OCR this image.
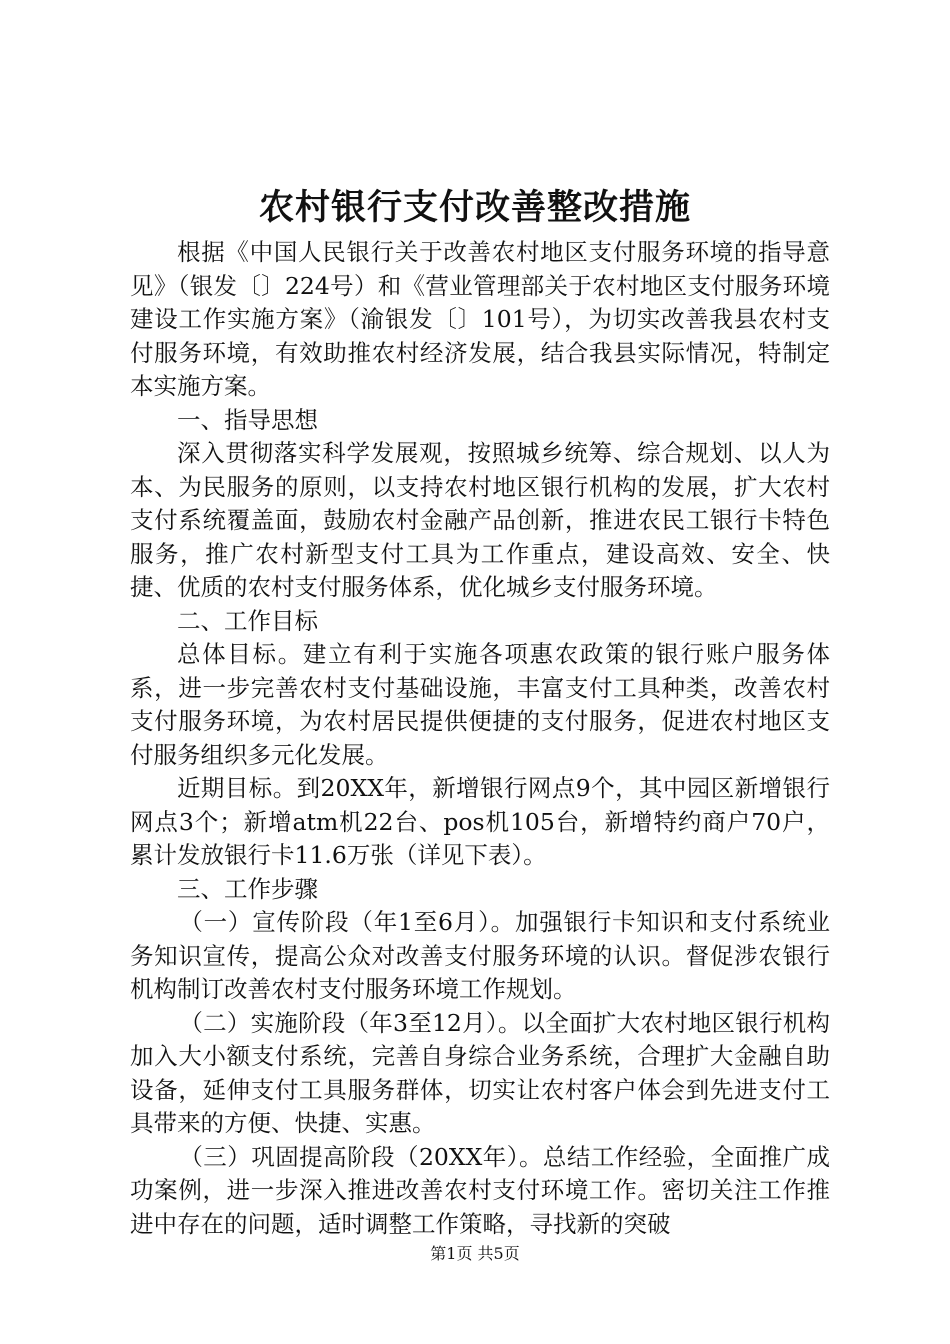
农村银行支付改善整改措施

根据《中国人民银行关于改善农村地区支付服务环境的指导意见》（银发〔〕224号）和《营业管理部关于农村地区支付服务环境建设工作实施方案》（渝银发〔〕101号），为切实改善我县农村支付服务环境，有效助推农村经济发展，结合我县实际情况，特制定本实施方案。

一、指导思想

深入贯彻落实科学发展观，按照城乡统筹、综合规划、以人为本、为民服务的原则，以支持农村地区银行机构的发展，扩大农村支付系统覆盖面，鼓励农村金融产品创新，推进农民工银行卡特色服务，推广农村新型支付工具为工作重点，建设高效、安全、快捷、优质的农村支付服务体系，优化城乡支付服务环境。

二、工作目标

总体目标。建立有利于实施各项惠农政策的银行账户服务体系，进一步完善农村支付基础设施，丰富支付工具种类，改善农村支付服务环境，为农村居民提供便捷的支付服务，促进农村地区支付服务组织多元化发展。

近期目标。到20XX年，新增银行网点9个，其中园区新增银行网点3个；新增atm机22台、pos机105台，新增特约商户70户，累计发放银行卡11.6万张（详见下表）。

三、工作步骤

（一）宣传阶段（年1至6月）。加强银行卡知识和支付系统业务知识宣传，提高公众对改善支付服务环境的认识。督促涉农银行机构制订改善农村支付服务环境工作规划。

（二）实施阶段（年3至12月）。以全面扩大农村地区银行机构加入大小额支付系统，完善自身综合业务系统，合理扩大金融自助设备，延伸支付工具服务群体，切实让农村客户体会到先进支付工具带来的方便、快捷、实惠。

（三）巩固提高阶段（20XX年）。总结工作经验，全面推广成功案例，进一步深入推进改善农村支付环境工作。密切关注工作推进中存在的问题，适时调整工作策略，寻找新的突破

第1页 共5页
